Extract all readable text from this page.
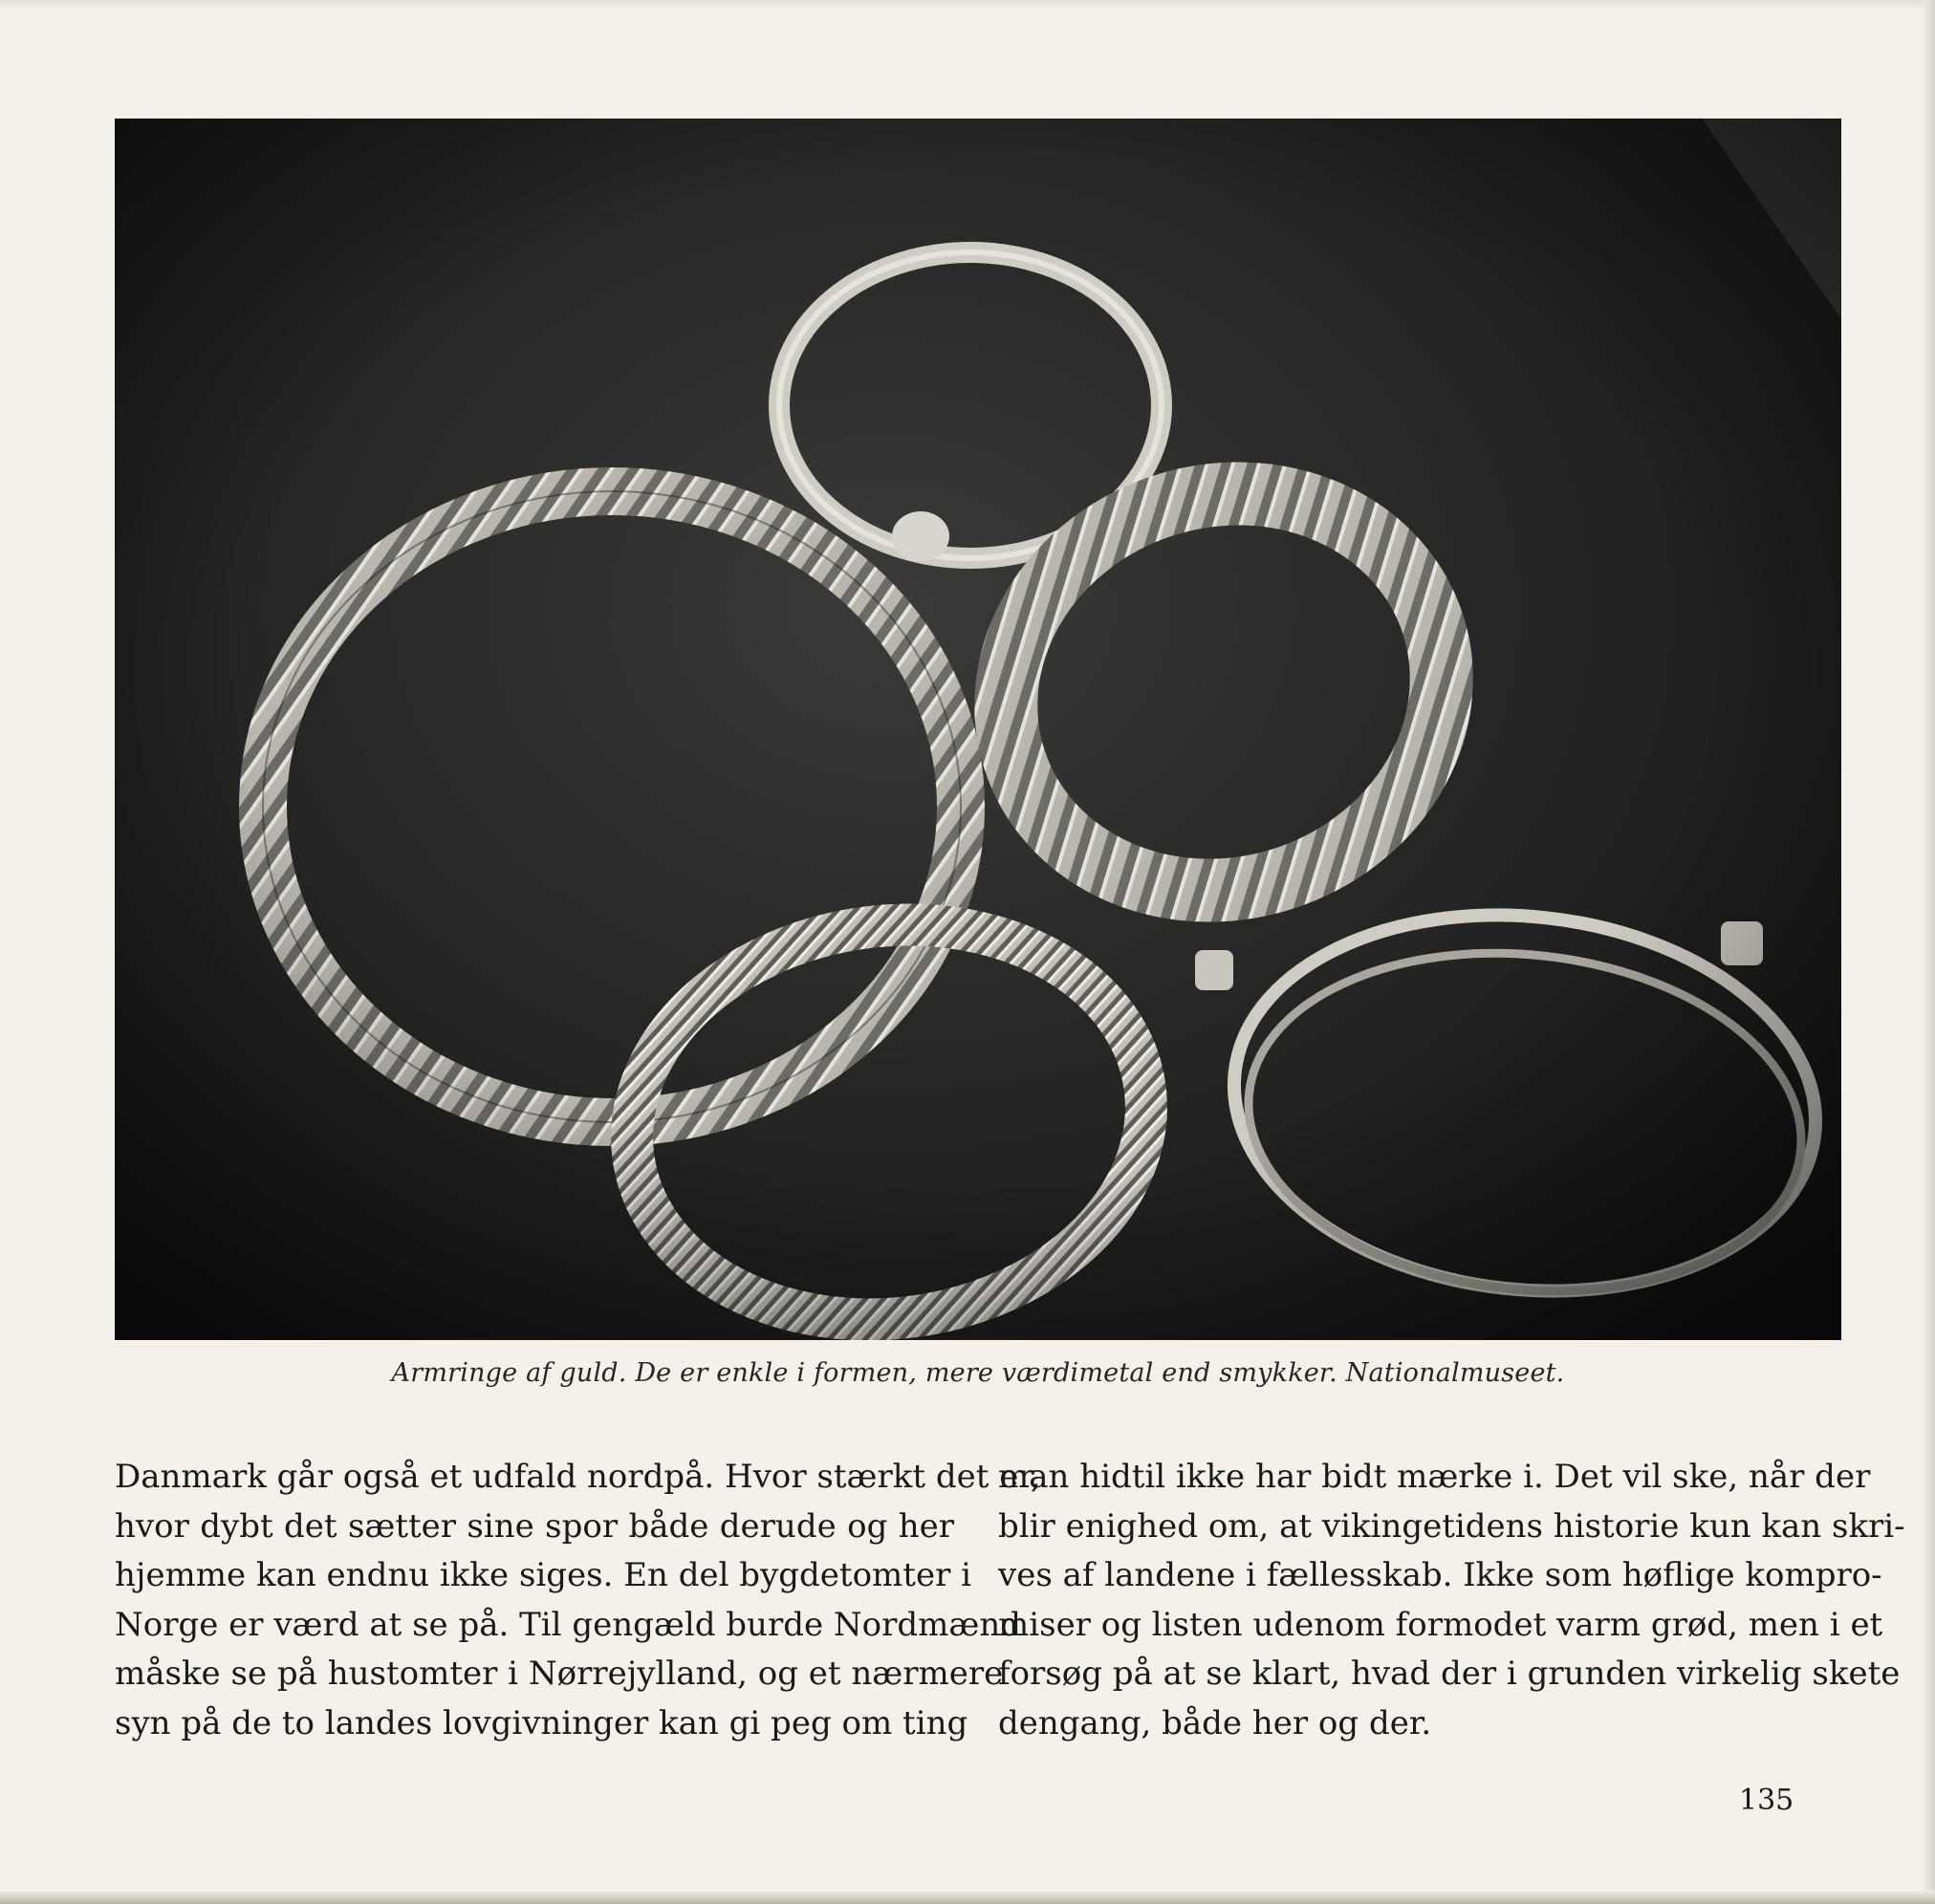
Armringe af guld. De er enkle i formen, mere værdimetal end smykker. Nationalmuseet.
Danmark går også et udfald nordpå. Hvor stærkt det er,
hvor dybt det sætter sine spor både derude og her
hjemme kan endnu ikke siges. En del bygdetomter i
Norge er værd at se på. Til gengæld burde Nordmænd
måske se på hustomter i Nørrejylland, og et nærmere
syn på de to landes lovgivninger kan gi peg om ting
man hidtil ikke har bidt mærke i. Det vil ske, når der
blir enighed om, at vikingetidens historie kun kan skri-
ves af landene i fællesskab. Ikke som høflige kompro-
miser og listen udenom formodet varm grød, men i et
forsøg på at se klart, hvad der i grunden virkelig skete
dengang, både her og der.
135
